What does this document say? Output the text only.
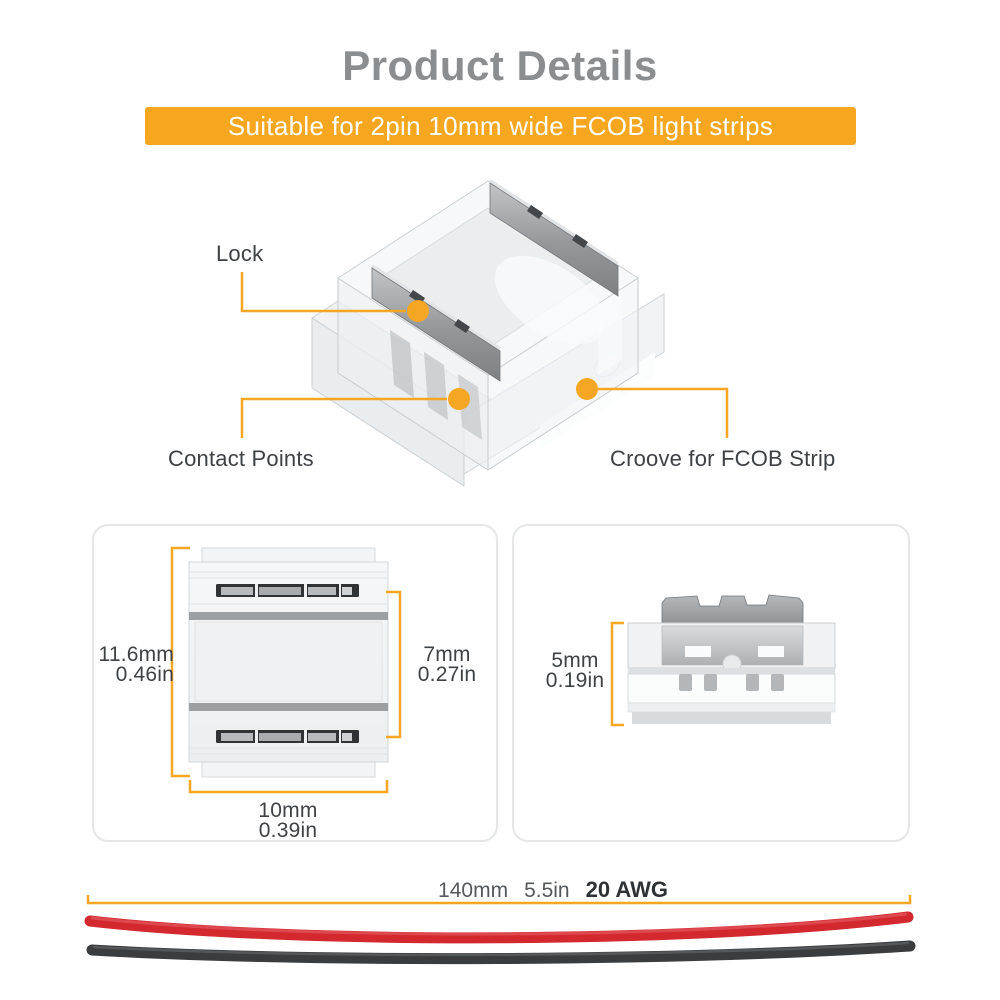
Product Details
Suitable for 2pin 10mm wide FCOB light strips
Lock
Contact Points	Croove for FCOB Strip
11.6mm
0.46in
7mm
0.27in
10mm
0.39in
5mm
0.19in
140mm 5.5in 20 AWG
